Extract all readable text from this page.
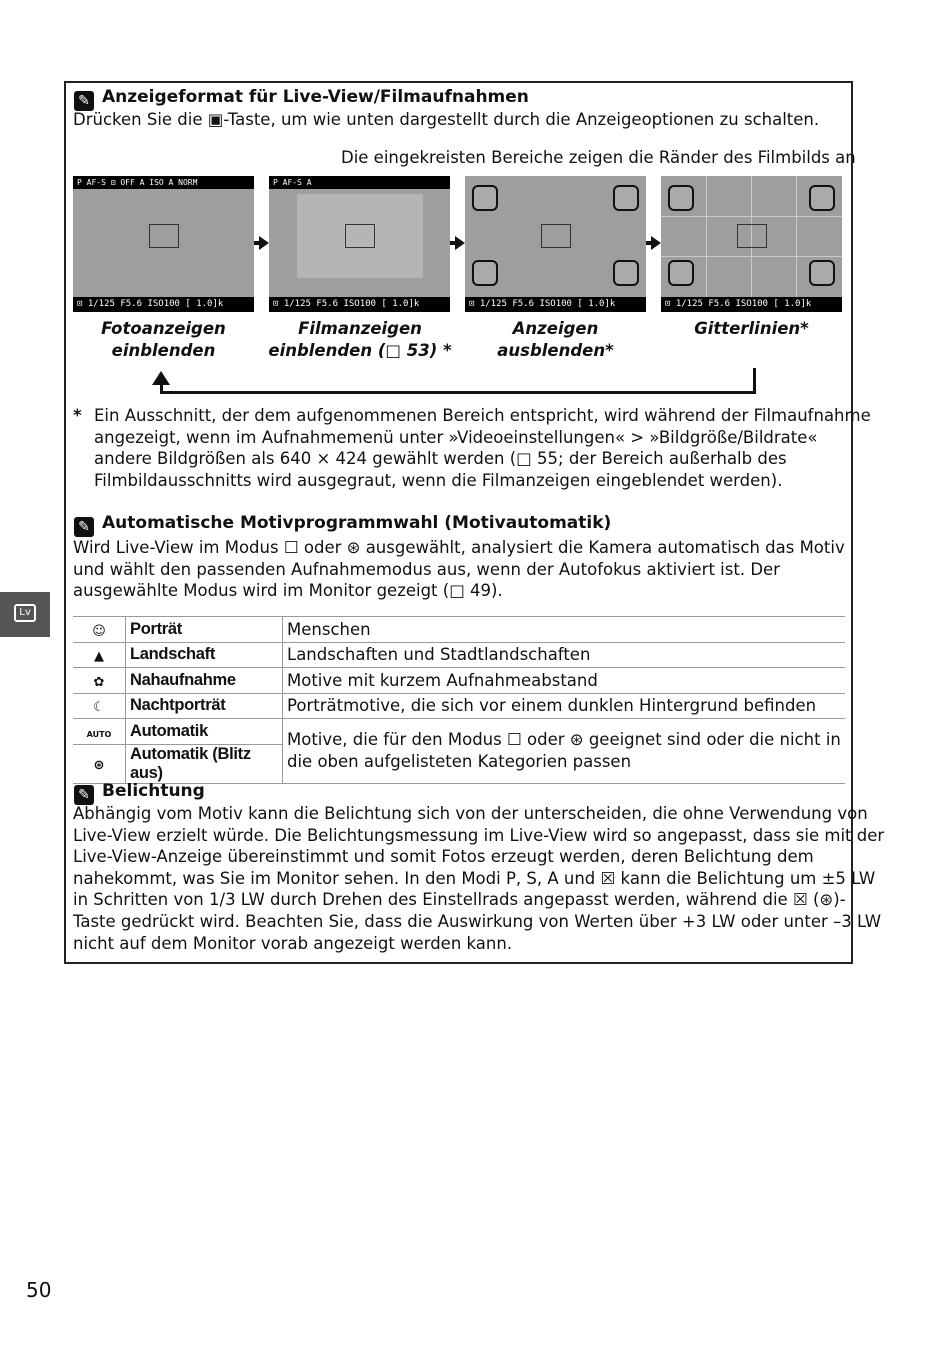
Lv
✎ Anzeigeformat für Live-View/Filmaufnahmen
Drücken Sie die ▣-Taste, um wie unten dargestellt durch die Anzeigeoptionen zu schalten.
Die eingekreisten Bereiche zeigen die Ränder des Filmbilds an
P AF-S ⊡ OFF A ISO A NORM
⊡ 1/125 F5.6 ISO100 [ 1.0]k
P AF-S A
⊡ 1/125 F5.6 ISO100 [ 1.0]k	⊡ 1/125 F5.6 ISO100 [ 1.0]k	⊡ 1/125 F5.6 ISO100 [ 1.0]k
Fotoanzeigen
einblenden
Filmanzeigen
einblenden (□ 53) *
Anzeigen
ausblenden*
Gitterlinien*
* Ein Ausschnitt, der dem aufgenommenen Bereich entspricht, wird während der Filmaufnahme
angezeigt, wenn im Aufnahmemenü unter »Videoeinstellungen« > »Bildgröße/Bildrate«
andere Bildgrößen als 640 × 424 gewählt werden (□ 55; der Bereich außerhalb des
Filmbildausschnitts wird ausgegraut, wenn die Filmanzeigen eingeblendet werden).
✎ Automatische Motivprogrammwahl (Motivautomatik)
Wird Live-View im Modus ☐ oder ⊛ ausgewählt, analysiert die Kamera automatisch das Motiv
und wählt den passenden Aufnahmemodus aus, wenn der Autofokus aktiviert ist. Der
ausgewählte Modus wird im Monitor gezeigt (□ 49).
☺	Porträt	Menschen
▲	Landschaft	Landschaften und Stadtlandschaften
✿	Nahaufnahme	Motive mit kurzem Aufnahmeabstand
☾	Nachtporträt	Porträtmotive, die sich vor einem dunklen Hintergrund befinden
AUTO	Automatik	Motive, die für den Modus ☐ oder ⊛ geeignet sind oder die nicht in
die oben aufgelisteten Kategorien passen

⊛	Automatik (Blitz aus)	
✎ Belichtung
Abhängig vom Motiv kann die Belichtung sich von der unterscheiden, die ohne Verwendung von
Live-View erzielt würde. Die Belichtungsmessung im Live-View wird so angepasst, dass sie mit der
Live-View-Anzeige übereinstimmt und somit Fotos erzeugt werden, deren Belichtung dem
nahekommt, was Sie im Monitor sehen. In den Modi P, S, A und ☒ kann die Belichtung um ±5 LW
in Schritten von 1/3 LW durch Drehen des Einstellrads angepasst werden, während die ☒ (⊛)-
Taste gedrückt wird. Beachten Sie, dass die Auswirkung von Werten über +3 LW oder unter –3 LW
nicht auf dem Monitor vorab angezeigt werden kann.
50
